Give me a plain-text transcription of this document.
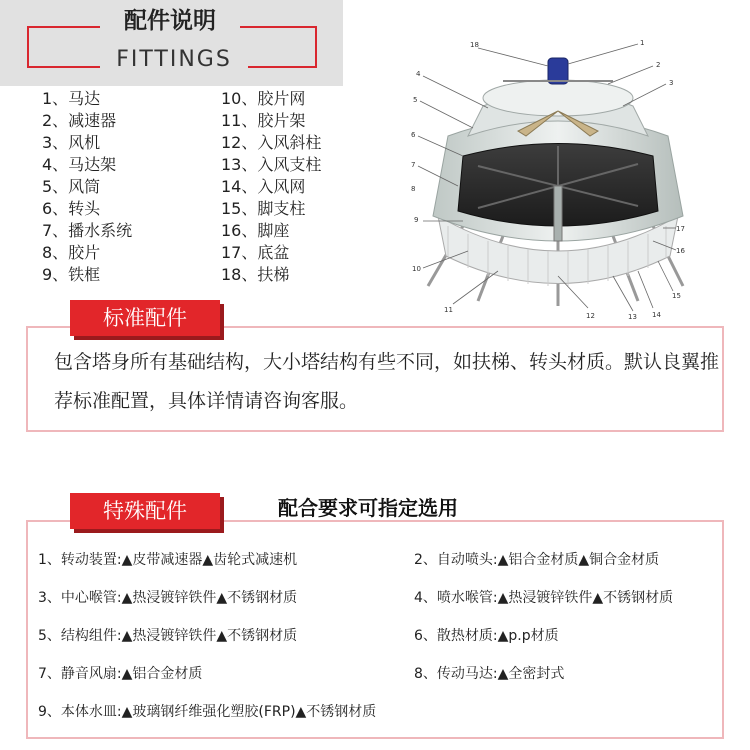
配件说明
FITTINGS
1、马达
2、减速器
3、风机
4、马达架
5、风筒
6、转头
7、播水系统
8、胶片
9、铁框
10、胶片网
11、胶片架
12、入风斜柱
13、入风支柱
14、入风网
15、脚支柱
16、脚座
17、底盆
18、扶梯
18	1
2
3
4
5
6
7
9
10
11
12	13 14
15
16
17
8
标准配件
包含塔身所有基础结构，大小塔结构有些不同，如扶梯、转头材质。默认良翼推荐标准配置，具体详情请咨询客服。
特殊配件	配合要求可指定选用
1、转动装置:▲皮带减速器▲齿轮式减速机	2、自动喷头:▲铝合金材质▲铜合金材质
3、中心喉管:▲热浸镀锌铁件▲不锈钢材质	4、喷水喉管:▲热浸镀锌铁件▲不锈钢材质
5、结构组件:▲热浸镀锌铁件▲不锈钢材质	6、散热材质:▲p.p材质
7、静音风扇:▲铝合金材质	8、传动马达:▲全密封式
9、本体水皿:▲玻璃钢纤维强化塑胶(FRP)▲不锈钢材质
